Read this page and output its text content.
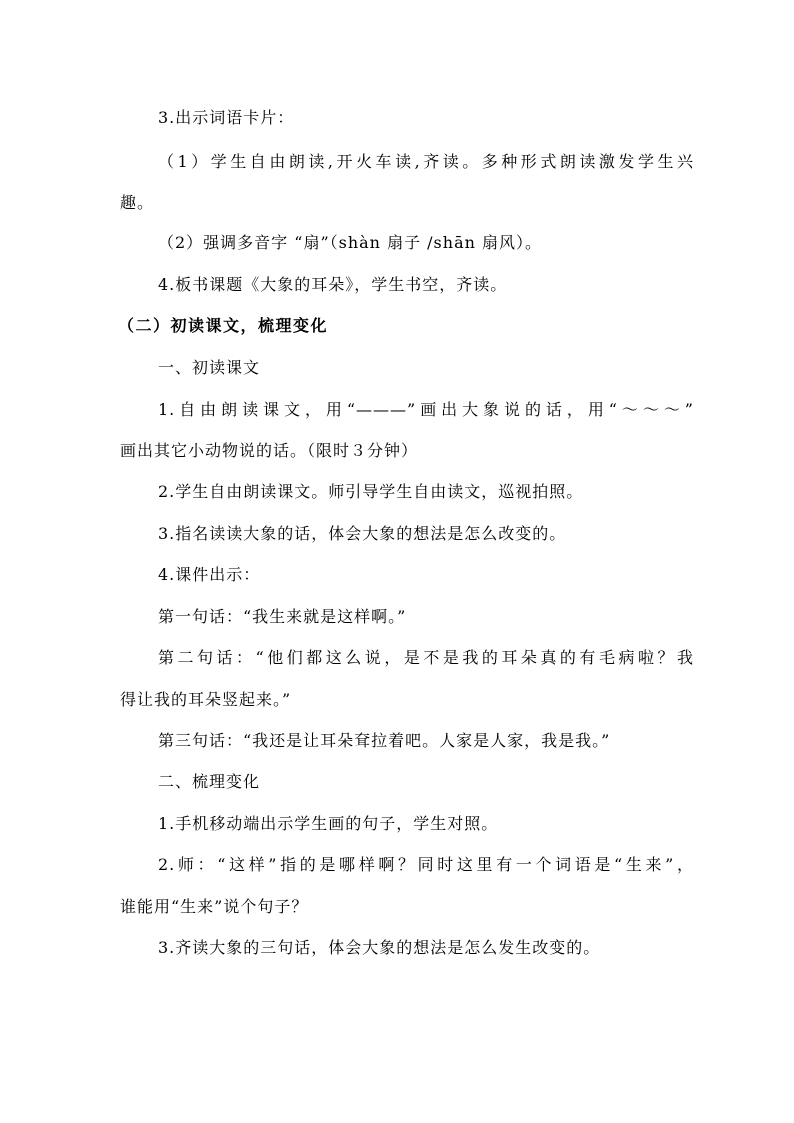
3.出示词语卡片：
（1）学生自由朗读,开火车读,齐读。多种形式朗读激发学生兴
趣。
（2）强调多音字 “扇”（shàn 扇子 /shān 扇风）。
4.板书课题《大象的耳朵》，学生书空，齐读。
（二）初读课文，梳理变化
一、初读课文
1.自由朗读课文，用“———”画出大象说的话，用“～～～”
画出其它小动物说的话。（限时３分钟）
2.学生自由朗读课文。师引导学生自由读文，巡视拍照。
3.指名读读大象的话，体会大象的想法是怎么改变的。
4.课件出示：
第一句话：“我生来就是这样啊。”
第二句话：“他们都这么说，是不是我的耳朵真的有毛病啦？我
得让我的耳朵竖起来。”
第三句话：“我还是让耳朵耷拉着吧。人家是人家，我是我。”
二、梳理变化
1.手机移动端出示学生画的句子，学生对照。
2.师：“这样”指的是哪样啊？同时这里有一个词语是“生来”，
谁能用“生来”说个句子？
3.齐读大象的三句话，体会大象的想法是怎么发生改变的。
